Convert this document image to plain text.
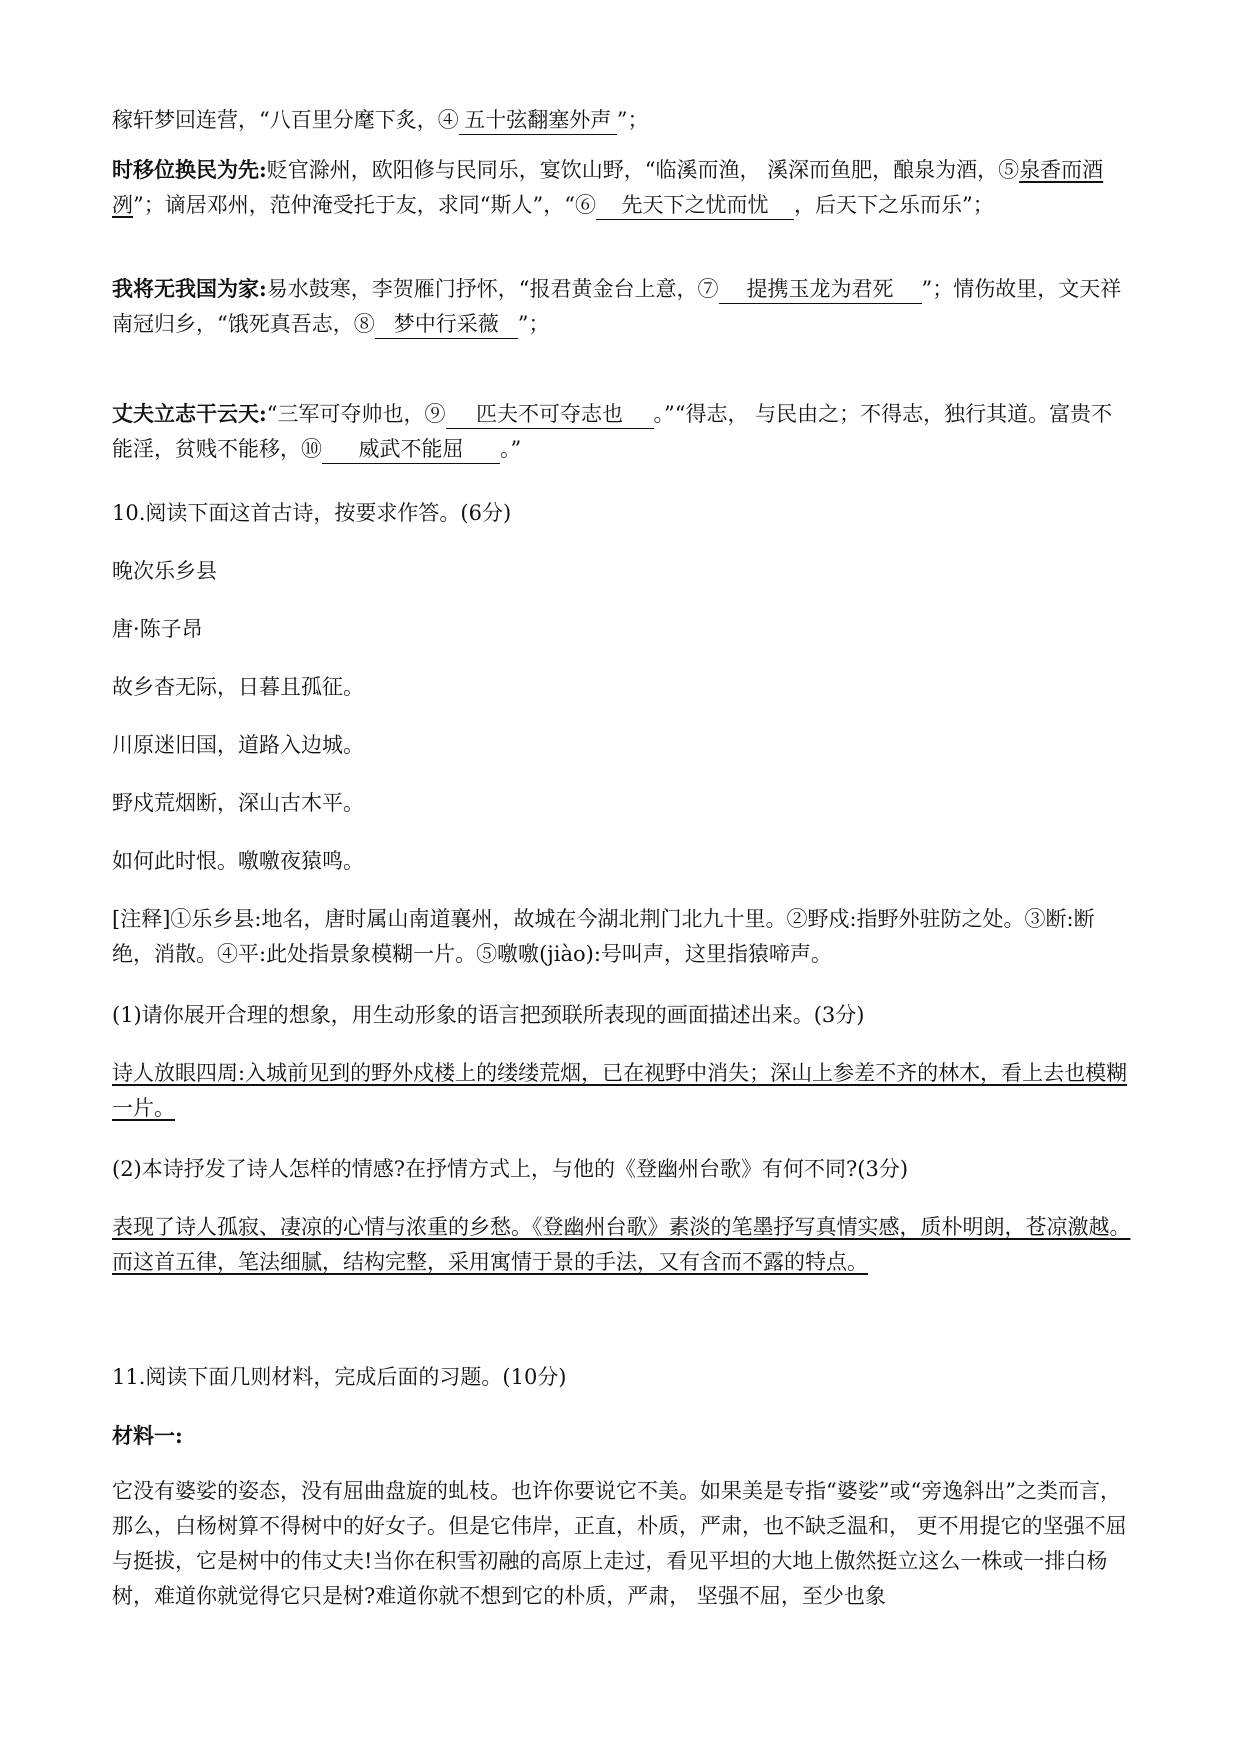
稼轩梦回连营，“八百里分麾下炙，④ 五十弦翻塞外声 ”；

时移位换民为先:贬官滁州，欧阳修与民同乐，宴饮山野，“临溪而渔， 溪深而鱼肥，酿泉为酒，⑤泉香而酒冽”；谪居邓州，范仲淹受托于友，求同“斯人”，“⑥ 先天下之忧而忧 ，后天下之乐而乐”；

我将无我国为家:易水鼓寒，李贺雁门抒怀，“报君黄金台上意，⑦ 提携玉龙为君死 ”；情伤故里，文天祥南冠归乡，“饿死真吾志，⑧ 梦中行采薇 ”；

丈夫立志干云天:“三军可夺帅也，⑨ 匹夫不可夺志也 。”“得志， 与民由之；不得志，独行其道。富贵不能淫，贫贱不能移，⑩ 威武不能屈 。”

10.阅读下面这首古诗，按要求作答。(6分)

晚次乐乡县

唐·陈子昂

故乡杳无际，日暮且孤征。

川原迷旧国，道路入边城。

野戍荒烟断，深山古木平。

如何此时恨。噭噭夜猿鸣。

[注释]①乐乡县:地名，唐时属山南道襄州，故城在今湖北荆门北九十里。②野戍:指野外驻防之处。③断:断绝，消散。④平:此处指景象模糊一片。⑤噭噭(jiào):号叫声，这里指猿啼声。

(1)请你展开合理的想象，用生动形象的语言把颈联所表现的画面描述出来。(3分)

诗人放眼四周:入城前见到的野外戍楼上的缕缕荒烟，已在视野中消失；深山上参差不齐的林木，看上去也模糊一片。

(2)本诗抒发了诗人怎样的情感?在抒情方式上，与他的《登幽州台歌》有何不同?(3分)

表现了诗人孤寂、凄凉的心情与浓重的乡愁。《登幽州台歌》素淡的笔墨抒写真情实感，质朴明朗，苍凉激越。而这首五律，笔法细腻，结构完整，采用寓情于景的手法，又有含而不露的特点。

11.阅读下面几则材料，完成后面的习题。(10分)

材料一:

它没有婆娑的姿态，没有屈曲盘旋的虬枝。也许你要说它不美。如果美是专指“婆娑”或“旁逸斜出”之类而言，那么，白杨树算不得树中的好女子。但是它伟岸，正直，朴质，严肃，也不缺乏温和， 更不用提它的坚强不屈与挺拔，它是树中的伟丈夫!当你在积雪初融的高原上走过，看见平坦的大地上傲然挺立这么一株或一排白杨树，难道你就觉得它只是树?难道你就不想到它的朴质，严肃， 坚强不屈，至少也象
